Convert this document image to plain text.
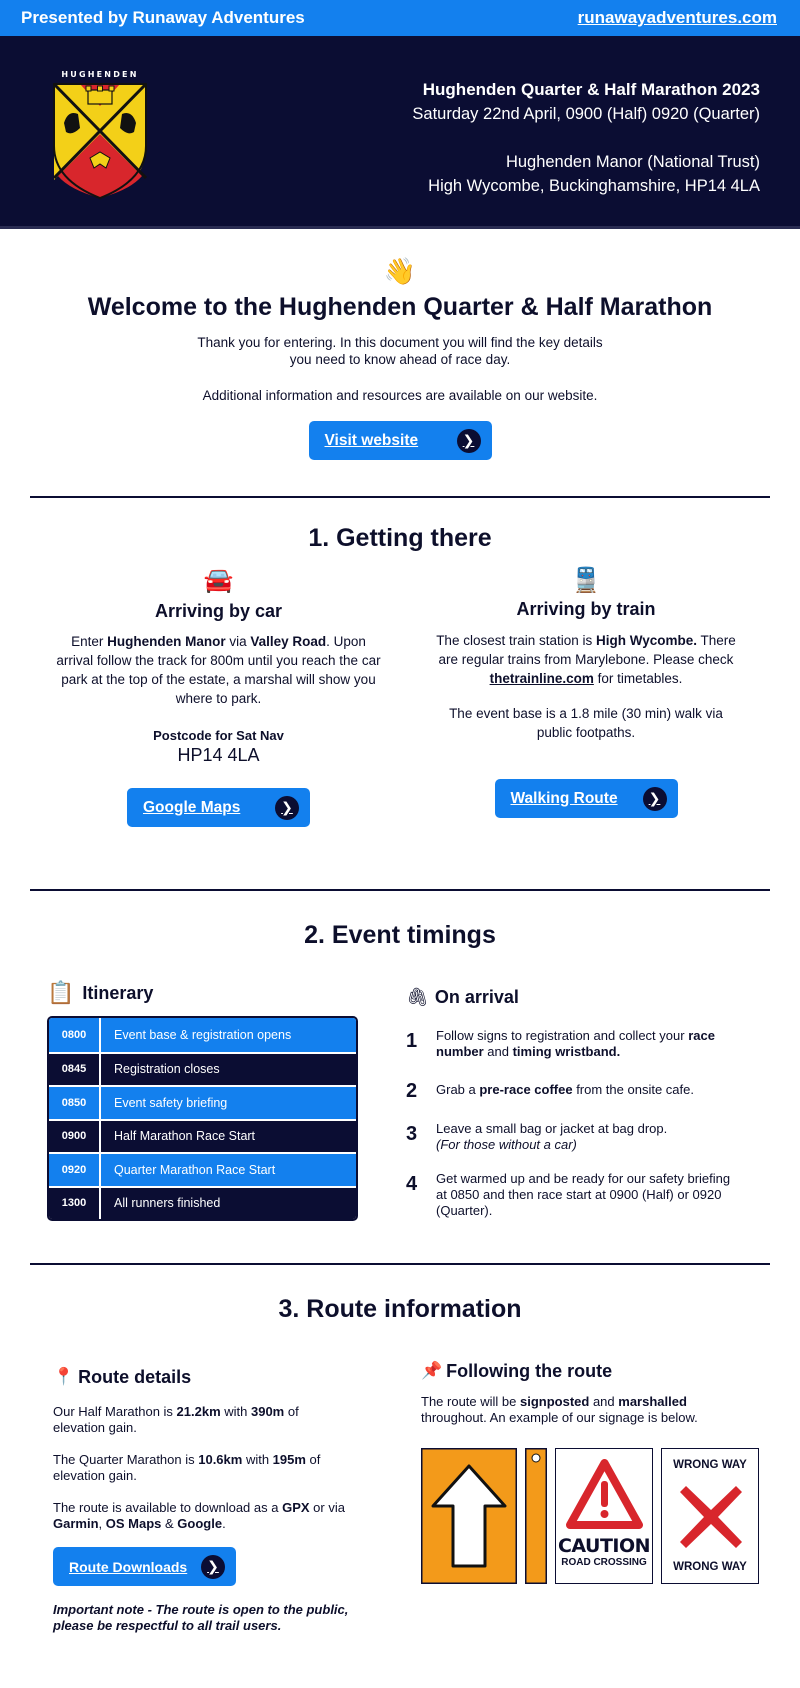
Presented by Runaway Adventures	runawayadventures.com
HUGHENDEN
Hughenden Quarter & Half Marathon 2023
Saturday 22nd April, 0900 (Half) 0920 (Quarter)
Hughenden Manor (National Trust)
High Wycombe, Buckinghamshire, HP14 4LA
👋
Welcome to the Hughenden Quarter & Half Marathon
Thank you for entering. In this document you will find the key details you need to know ahead of race day.
Additional information and resources are available on our website.
Visit website	❯
1. Getting there
🚘
Arriving by car
Enter Hughenden Manor via Valley Road. Upon arrival follow the track for 800m until you reach the car park at the top of the estate, a marshal will show you where to park.
Postcode for Sat Nav
HP14 4LA
Google Maps	❯
🚆
Arriving by train
The closest train station is High Wycombe. There are regular trains from Marylebone. Please check thetrainline.com for timetables.
The event base is a 1.8 mile (30 min) walk via public footpaths.
Walking Route	❯
2. Event timings
📋 Itinerary
0800	Event base & registration opens
0845	Registration closes
0850	Event safety briefing
0900	Half Marathon Race Start
0920	Quarter Marathon Race Start
1300	All runners finished
🖇 On arrival
1	Follow signs to registration and collect your race number and timing wristband.
2	Grab a pre-race coffee from the onsite cafe.
3	Leave a small bag or jacket at bag drop.
(For those without a car)
4	Get warmed up and be ready for our safety briefing at 0850 and then race start at 0900 (Half) or 0920 (Quarter).
3. Route information
📍 Route details
Our Half Marathon is 21.2km with 390m of elevation gain.
The Quarter Marathon is 10.6km with 195m of elevation gain.
The route is available to download as a GPX or via Garmin, OS Maps & Google.
Route Downloads	❯
Important note - The route is open to the public, please be respectful to all trail users.
📌 Following the route
The route will be signposted and marshalled throughout. An example of our signage is below.
CAUTION
ROAD CROSSING
WRONG WAY
WRONG WAY
